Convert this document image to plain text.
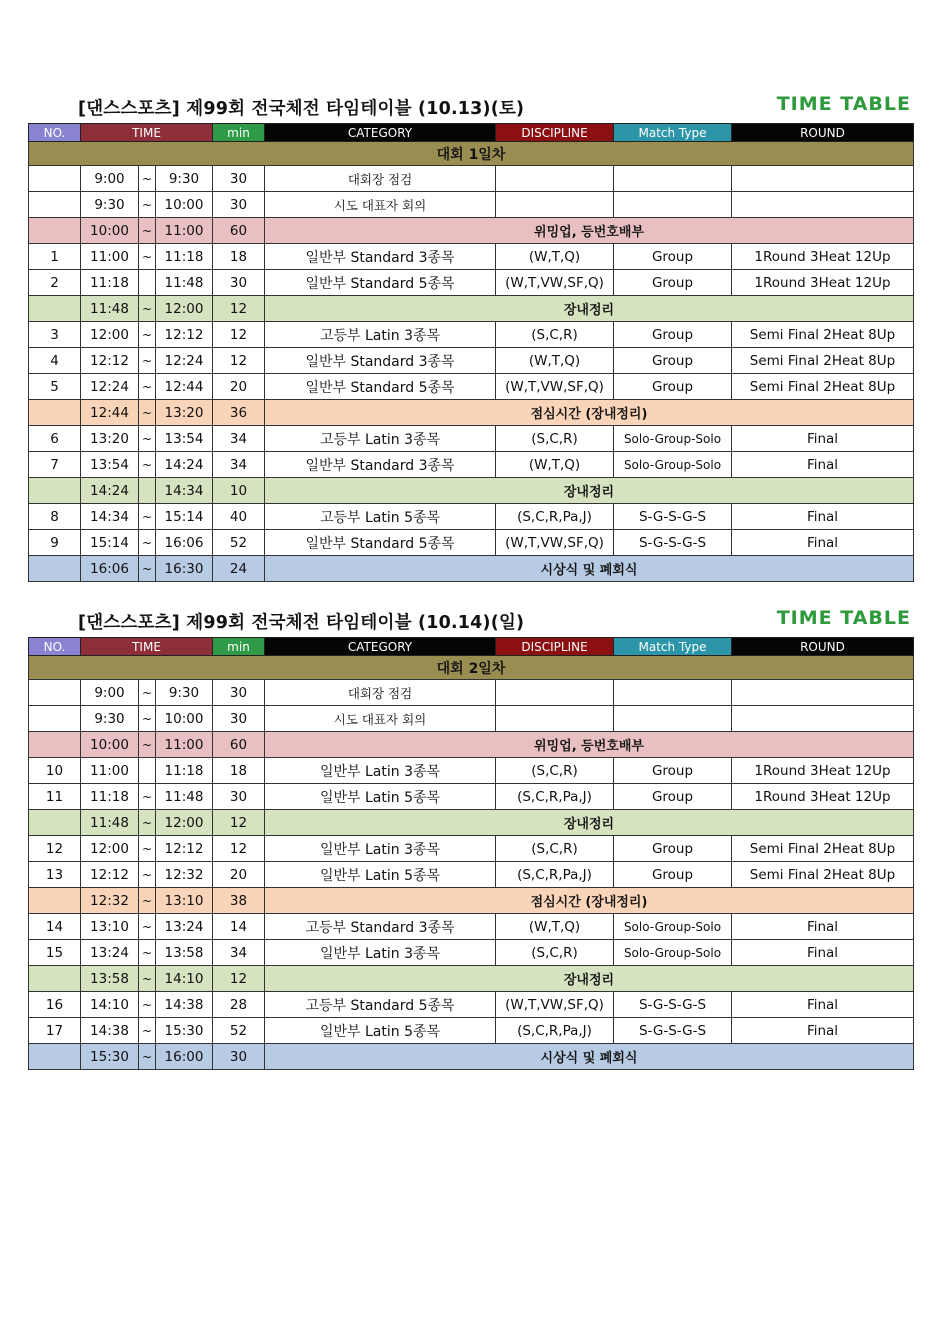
[댄스스포츠] 제99회 전국체전 타임테이블 (10.13)(토)	TIME TABLE
NO.	TIME			min	CATEGORY	DISCIPLINE	Match Type	ROUND
대회 1일차								
	9:00	~	9:30	30	대회장 점검			
	9:30	~	10:00	30	시도 대표자 회의			
	10:00	~	11:00	60	위밍업, 등번호배부			
1	11:00	~	11:18	18	일반부 Standard 3종목	(W,T,Q)	Group	1Round 3Heat 12Up
2	11:18		11:48	30	일반부 Standard 5종목	(W,T,VW,SF,Q)	Group	1Round 3Heat 12Up
	11:48	~	12:00	12	장내정리			
3	12:00	~	12:12	12	고등부 Latin 3종목	(S,C,R)	Group	Semi Final 2Heat 8Up
4	12:12	~	12:24	12	일반부 Standard 3종목	(W,T,Q)	Group	Semi Final 2Heat 8Up
5	12:24	~	12:44	20	일반부 Standard 5종목	(W,T,VW,SF,Q)	Group	Semi Final 2Heat 8Up
	12:44	~	13:20	36	점심시간 (장내정리)			
6	13:20	~	13:54	34	고등부 Latin 3종목	(S,C,R)	Solo-Group-Solo	Final
7	13:54	~	14:24	34	일반부 Standard 3종목	(W,T,Q)	Solo-Group-Solo	Final
	14:24		14:34	10	장내정리			
8	14:34	~	15:14	40	고등부 Latin 5종목	(S,C,R,Pa,J)	S-G-S-G-S	Final
9	15:14	~	16:06	52	일반부 Standard 5종목	(W,T,VW,SF,Q)	S-G-S-G-S	Final
	16:06	~	16:30	24	시상식 및 폐회식			
[댄스스포츠] 제99회 전국체전 타임테이블 (10.14)(일)	TIME TABLE
NO.	TIME			min	CATEGORY	DISCIPLINE	Match Type	ROUND
대회 2일차								
	9:00	~	9:30	30	대회장 점검			
	9:30	~	10:00	30	시도 대표자 회의			
	10:00	~	11:00	60	위밍업, 등번호배부			
10	11:00		11:18	18	일반부 Latin 3종목	(S,C,R)	Group	1Round 3Heat 12Up
11	11:18	~	11:48	30	일반부 Latin 5종목	(S,C,R,Pa,J)	Group	1Round 3Heat 12Up
	11:48	~	12:00	12	장내정리			
12	12:00	~	12:12	12	일반부 Latin 3종목	(S,C,R)	Group	Semi Final 2Heat 8Up
13	12:12	~	12:32	20	일반부 Latin 5종목	(S,C,R,Pa,J)	Group	Semi Final 2Heat 8Up
	12:32	~	13:10	38	점심시간 (장내정리)			
14	13:10	~	13:24	14	고등부 Standard 3종목	(W,T,Q)	Solo-Group-Solo	Final
15	13:24	~	13:58	34	일반부 Latin 3종목	(S,C,R)	Solo-Group-Solo	Final
	13:58	~	14:10	12	장내정리			
16	14:10	~	14:38	28	고등부 Standard 5종목	(W,T,VW,SF,Q)	S-G-S-G-S	Final
17	14:38	~	15:30	52	일반부 Latin 5종목	(S,C,R,Pa,J)	S-G-S-G-S	Final
	15:30	~	16:00	30	시상식 및 폐회식			
